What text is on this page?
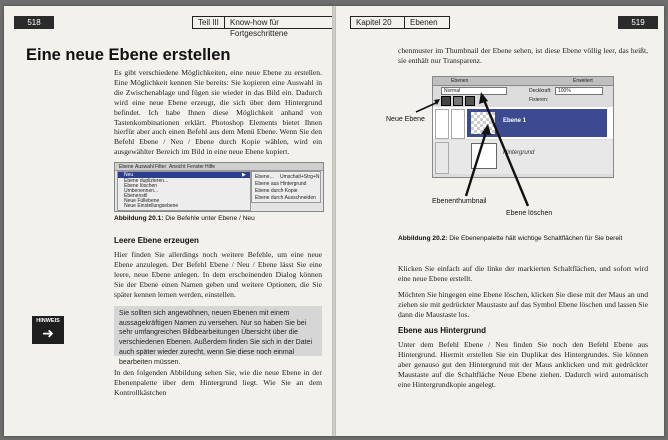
518	Teil III	Know-how für Fortgeschrittene
Eine neue Ebene erstellen
Es gibt verschiedene Möglichkeiten, eine neue Ebene zu erstellen. Eine Möglichkeit kennen Sie bereits: Sie kopieren eine Auswahl in die Zwischenablage und fügen sie wieder in das Bild ein. Dadurch wird eine neue Ebene erzeugt, die sich über dem Hintergrund befindet. Ich habe Ihnen diese Möglichkeit anhand von Tastenkombinationen erklärt. Photoshop Elements bietet Ihnen hierfür aber auch einen Befehl aus dem Menü Ebene. Wenn Sie den Befehl Ebene / Neu / Ebene durch Kopie wählen, wird ein ausgewählter Bereich im Bild in eine neue Ebene kopiert.
Ebene Auswahl Filter Ansicht Fenster Hilfe
Neu	▶
Ebene duplizieren...
Ebene löschen
Umbenennen...
Ebenenstil
Neue Füllebene
Neue Einstellungsebene
Ebene... Umschalt+Strg+N
Ebene aus Hintergrund
Ebene durch Kopie
Ebene durch Ausschneiden
Abbildung 20.1: Die Befehle unter Ebene / Neu
Leere Ebene erzeugen
Hier finden Sie allerdings noch weitere Befehle, um eine neue Ebene anzulegen. Der Befehl Ebene / Neu / Ebene lässt Sie eine leere, neue Ebene anlegen. In dem erscheinenden Dialog können Sie der Ebene einen Namen geben und weitere Optionen, die Sie später kennen lernen werden, einstellen.
HINWEIS
➜
Sie sollten sich angewöhnen, neuen Ebenen mit einem aussagekräftigen Namen zu versehen. Nur so haben Sie bei sehr umfangreichen Bildbearbeitungen Übersicht über die verschiedenen Ebenen. Außerdem finden Sie sich in der Datei auch später wieder zurecht, wenn Sie diese noch einmal bearbeiten müssen.
In den folgenden Abbildung sehen Sie, wie die neue Ebene in der Ebenenpalette über dem Hintergrund liegt. Wie Sie an dem Kontrollkästchen
Kapitel 20	Ebenen	519
chenmuster im Thumbnail der Ebene sehen, ist diese Ebene völlig leer, das heißt, sie enthält nur Transparenz.
Ebenen	Erweitert
Normal	Deckkraft: 100%
Fixieren:
Ebene 1
Hintergrund
Neue Ebene
Ebenenthumbnail
Ebene löschen
Abbildung 20.2: Die Ebenenpalette hält wichtige Schaltflächen für Sie bereit
Klicken Sie einfach auf die linke der markierten Schaltflächen, und sofort wird eine neue Ebene erstellt.
Möchten Sie hingegen eine Ebene löschen, klicken Sie diese mit der Maus an und ziehen sie mit gedrückter Maustaste auf das Symbol Ebene löschen und lassen Sie dann die Maustaste los.
Ebene aus Hintergrund
Unter dem Befehl Ebene / Neu finden Sie noch den Befehl Ebene aus Hintergrund. Hiermit erstellen Sie ein Duplikat des Hintergrundes. Sie können aber genauso gut den Hintergrund mit der Maus anklicken und mit gedrückter Maustaste auf die Schaltfläche Neue Ebene ziehen. Dadurch wird automatisch eine Hintergrundkopie angelegt.
